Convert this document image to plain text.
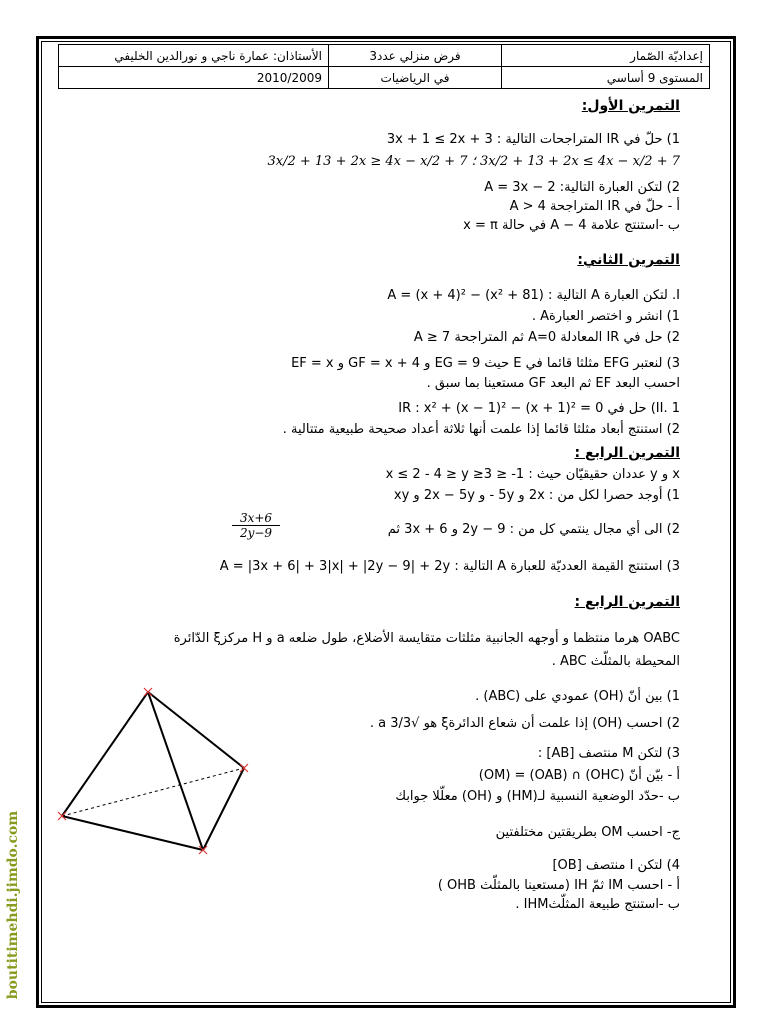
boutitimehdi.jimdo.com
إعداديّة الصّمار	فرض منزلي عدد3	الأستاذان: عمارة ناجي و نورالدين الخليفي
المستوى 9 أساسي	في الرياضيات	2010/2009
التمرين الأول:
1) حلّ في IR المتراجحات التالية : 3 + 3x + 1 ≤ 2x
3x/2 + 13 + 2x ≤ 4x − x/2 + 7 ؛ 3x/2 + 13 + 2x ≥ 4x − x/2 + 7
2) لتكن العبارة التالية: A = 3x − 2
أ - حلّ في IR المتراجحة A > 4
ب -استنتج علامة A − 4 في حالة x = π
التمرين الثاني:
I. لتكن العبارة A التالية : A = (x + 4)² − (x² + 81)
1) انشر و اختصر العبارةA .
2) حل في IR المعادلة A=0 ثم المتراجحة A ≥ 7
3) لنعتبر EFG مثلثا قائما في E حيث EG = 9 و GF = x + 4 و EF = x
احسب البعد EF ثم البعد GF مستعينا بما سبق .
II. 1) حل في IR : x² + (x − 1)² − (x + 1)² = 0
2) استنتج أبعاد مثلثا قائما إذا علمت أنها ثلاثة أعداد صحيحة طبيعية متتالية .
التمرين الرابع :
x و y عددان حقيقيّان حيث : 1- ≤ x ≤ 2 - 4 ≥ y ≥3
1) أوجد حصرا لكل من : 2x و 5y - و 2x − 5y و xy
2) الى أي مجال ينتمي كل من : 2y − 9 و 3x + 6 ثم
$\frac{3x+6}{2y-9}$
3) استنتج القيمة العدديّة للعبارة A التالية : A = |3x + 6| + 3|x| + |2y − 9| + 2y
التمرين الرابع :
OABC هرما منتظما و أوجهه الجانبية مثلثات متقايسة الأضلاع، طول ضلعه a و H مركزξ الدّائرة
المحيطة بالمثلّث ABC .
1) بين أنّ (OH) عمودي على (ABC) .
2) احسب (OH) إذا علمت أن شعاع الدائرةξ هو √3/3 a .
3) لتكن M منتصف [AB] :
أ - بيّن أنّ (OHC) ∩ (OAB) = (OM)
ب -حدّد الوضعية النسبية لـ(HM) و (OH) معلّلا جوابك
ج- احسب OM بطريقتين مختلفتين
4) لتكن I منتصف [OB]
أ - احسب IM ثمّ IH (مستعينا بالمثلّث OHB )
ب -استنتج طبيعة المثلّثIHM .
